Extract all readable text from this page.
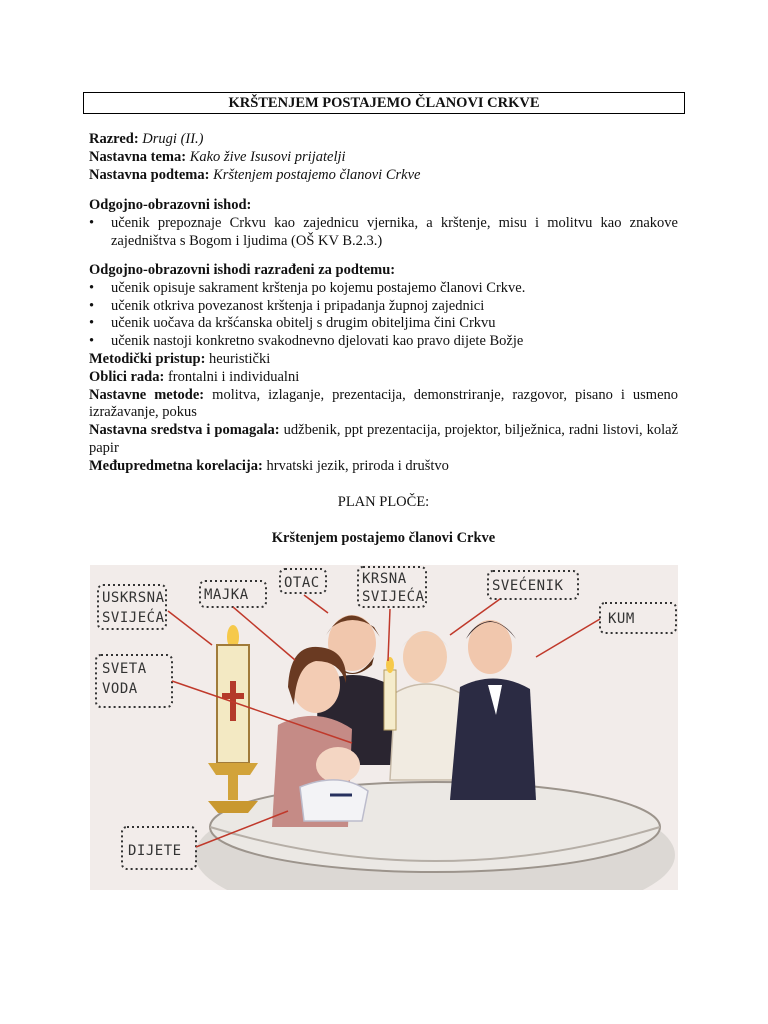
KRŠTENJEM POSTAJEMO ČLANOVI CRKVE
Razred: Drugi (II.)
Nastavna tema: Kako žive Isusovi prijatelji
Nastavna podtema: Krštenjem postajemo članovi Crkve
Odgojno-obrazovni ishod:
• učenik prepoznaje Crkvu kao zajednicu vjernika, a krštenje, misu i molitvu kao znakove zajedništva s Bogom i ljudima (OŠ KV B.2.3.)
Odgojno-obrazovni ishodi razrađeni za podtemu:
• učenik opisuje sakrament krštenja po kojemu postajemo članovi Crkve.
• učenik otkriva povezanost krštenja i pripadanja župnoj zajednici
• učenik uočava da kršćanska obitelj s drugim obiteljima čini Crkvu
• učenik nastoji konkretno svakodnevno djelovati kao pravo dijete Božje
Metodički pristup: heuristički
Oblici rada: frontalni i individualni
Nastavne metode: molitva, izlaganje, prezentacija, demonstriranje, razgovor, pisano i usmeno izražavanje, pokus
Nastavna sredstva i pomagala: udžbenik, ppt prezentacija, projektor, bilježnica, radni listovi, kolaž papir
Međupredmetna korelacija: hrvatski jezik, priroda i društvo
PLAN PLOČE:
Krštenjem postajemo članovi Crkve
USKRSNA
SVIJEĆA
MAJKA
OTAC	KRSNA
SVIJEĆA
SVEĆENIK
KUM
SVETA
VODA
DIJETE
